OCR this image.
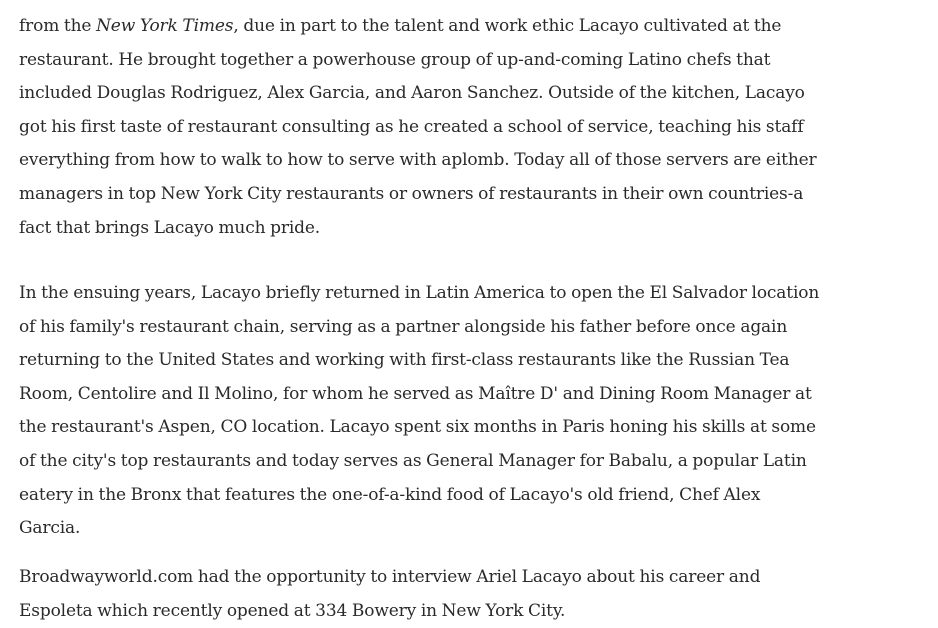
from the New York Times, due in part to the talent and work ethic Lacayo cultivated at the
restaurant. He brought together a powerhouse group of up-and-coming Latino chefs that
included Douglas Rodriguez, Alex Garcia, and Aaron Sanchez. Outside of the kitchen, Lacayo
got his first taste of restaurant consulting as he created a school of service, teaching his staff
everything from how to walk to how to serve with aplomb. Today all of those servers are either
managers in top New York City restaurants or owners of restaurants in their own countries-a
fact that brings Lacayo much pride.

In the ensuing years, Lacayo briefly returned in Latin America to open the El Salvador location
of his family's restaurant chain, serving as a partner alongside his father before once again
returning to the United States and working with first-class restaurants like the Russian Tea
Room, Centolire and Il Molino, for whom he served as Maître D' and Dining Room Manager at
the restaurant's Aspen, CO location. Lacayo spent six months in Paris honing his skills at some
of the city's top restaurants and today serves as General Manager for Babalu, a popular Latin
eatery in the Bronx that features the one-of-a-kind food of Lacayo's old friend, Chef Alex
Garcia.

Broadwayworld.com had the opportunity to interview Ariel Lacayo about his career and
Espoleta which recently opened at 334 Bowery in New York City.
